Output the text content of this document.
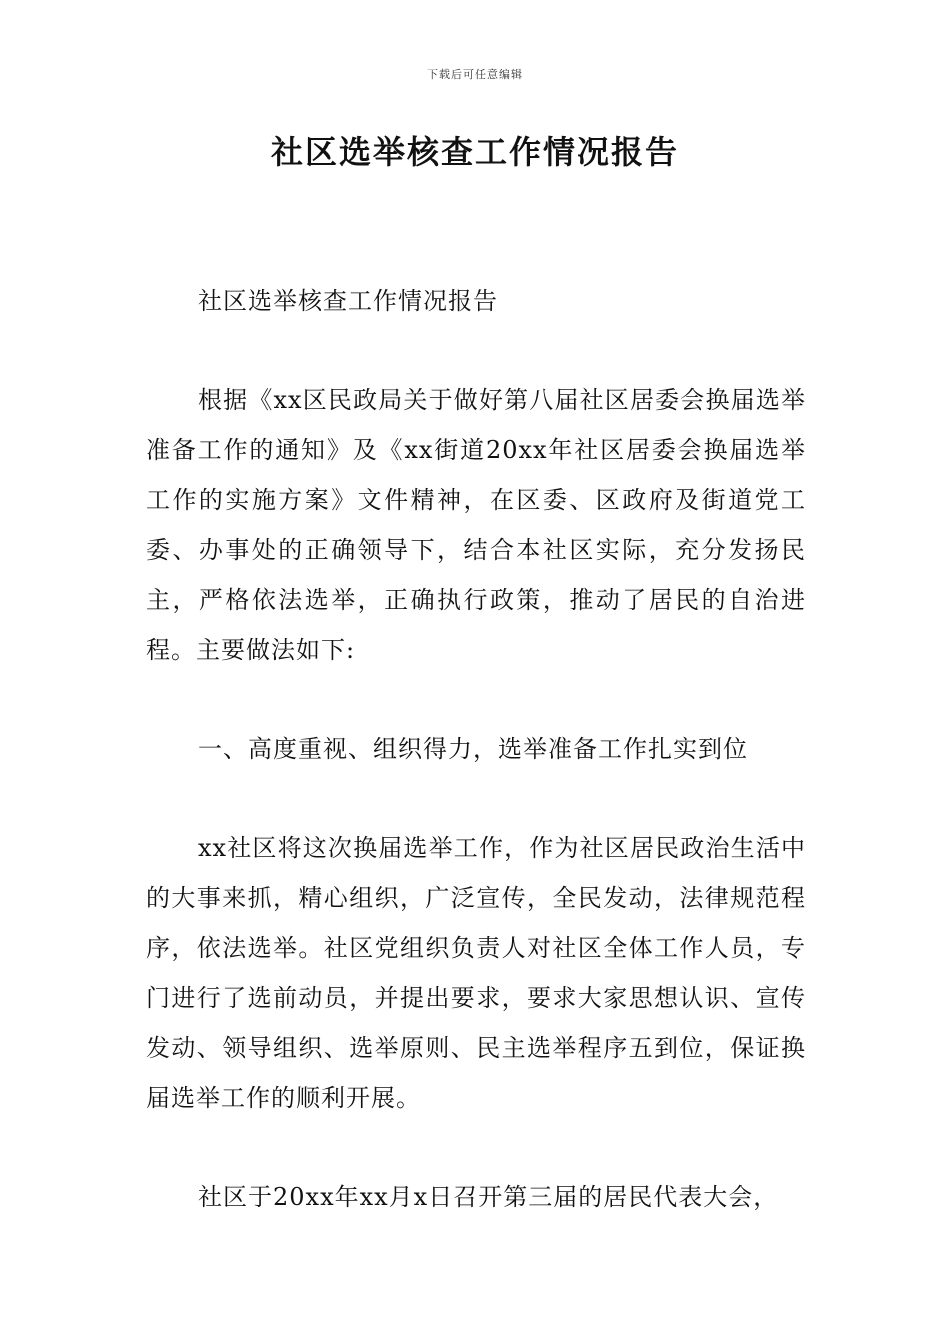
下载后可任意编辑
社区选举核查工作情况报告

社区选举核查工作情况报告

根据《xx区民政局关于做好第八届社区居委会换届选举准备工作的通知》及《xx街道20xx年社区居委会换届选举工作的实施方案》文件精神，在区委、区政府及街道党工委、办事处的正确领导下，结合本社区实际，充分发扬民主，严格依法选举，正确执行政策，推动了居民的自治进程。主要做法如下:

一、高度重视、组织得力，选举准备工作扎实到位

xx社区将这次换届选举工作，作为社区居民政治生活中的大事来抓，精心组织，广泛宣传，全民发动，法律规范程序，依法选举。社区党组织负责人对社区全体工作人员，专门进行了选前动员，并提出要求，要求大家思想认识、宣传发动、领导组织、选举原则、民主选举程序五到位，保证换届选举工作的顺利开展。

社区于20xx年xx月x日召开第三届的居民代表大会，
